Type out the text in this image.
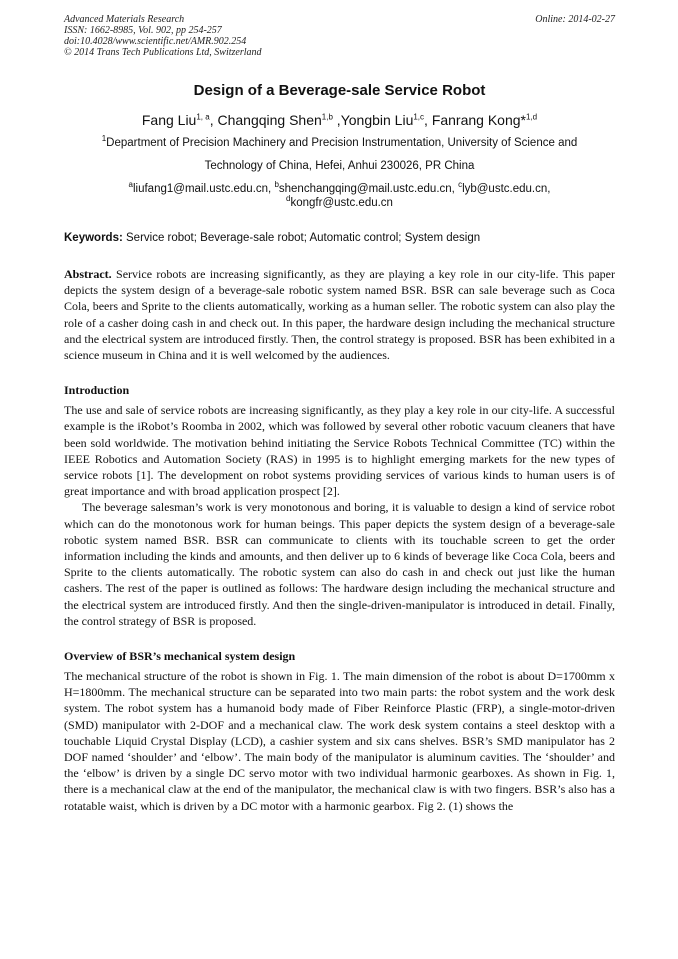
Advanced Materials Research	Online: 2014-02-27
ISSN: 1662-8985, Vol. 902, pp 254-257
doi:10.4028/www.scientific.net/AMR.902.254
© 2014 Trans Tech Publications Ltd, Switzerland
Design of a Beverage-sale Service Robot
Fang Liu$^{1, a}$, Changqing Shen$^{1,b}$ ,Yongbin Liu$^{1,c}$, Fanrang Kong*$^{1,d}$
$^1$Department of Precision Machinery and Precision Instrumentation, University of Science and
Technology of China, Hefei, Anhui 230026, PR China
$^a$liufang1@mail.ustc.edu.cn, $^b$shenchangqing@mail.ustc.edu.cn, $^c$lyb@ustc.edu.cn,
$^d$kongfr@ustc.edu.cn
Keywords: Service robot; Beverage-sale robot; Automatic control; System design
Abstract. Service robots are increasing significantly, as they are playing a key role in our city-life. This paper depicts the system design of a beverage-sale robotic system named BSR. BSR can sale beverage such as Coca Cola, beers and Sprite to the clients automatically, working as a human seller. The robotic system can also play the role of a casher doing cash in and check out. In this paper, the hardware design including the mechanical structure and the electrical system are introduced firstly. Then, the control strategy is proposed. BSR has been exhibited in a science museum in China and it is well welcomed by the audiences.
Introduction
The use and sale of service robots are increasing significantly, as they play a key role in our city-life. A successful example is the iRobot’s Roomba in 2002, which was followed by several other robotic vacuum cleaners that have been sold worldwide. The motivation behind initiating the Service Robots Technical Committee (TC) within the IEEE Robotics and Automation Society (RAS) in 1995 is to highlight emerging markets for the new types of service robots [1]. The development on robot systems providing services of various kinds to human users is of great importance and with broad application prospect [2].
The beverage salesman’s work is very monotonous and boring, it is valuable to design a kind of service robot which can do the monotonous work for human beings. This paper depicts the system design of a beverage-sale robotic system named BSR. BSR can communicate to clients with its touchable screen to get the order information including the kinds and amounts, and then deliver up to 6 kinds of beverage like Coca Cola, beers and Sprite to the clients automatically. The robotic system can also do cash in and check out just like the human cashers. The rest of the paper is outlined as follows: The hardware design including the mechanical structure and the electrical system are introduced firstly. And then the single-driven-manipulator is introduced in detail. Finally, the control strategy of BSR is proposed.
Overview of BSR’s mechanical system design
The mechanical structure of the robot is shown in Fig. 1. The main dimension of the robot is about D=1700mm x H=1800mm. The mechanical structure can be separated into two main parts: the robot system and the work desk system. The robot system has a humanoid body made of Fiber Reinforce Plastic (FRP), a single-motor-driven (SMD) manipulator with 2-DOF and a mechanical claw. The work desk system contains a steel desktop with a touchable Liquid Crystal Display (LCD), a cashier system and six cans shelves. BSR’s SMD manipulator has 2 DOF named ‘shoulder’ and ‘elbow’. The main body of the manipulator is aluminum cavities. The ‘shoulder’ and the ‘elbow’ is driven by a single DC servo motor with two individual harmonic gearboxes. As shown in Fig. 1, there is a mechanical claw at the end of the manipulator, the mechanical claw is with two fingers. BSR’s also has a rotatable waist, which is driven by a DC motor with a harmonic gearbox. Fig 2. (1) shows the
